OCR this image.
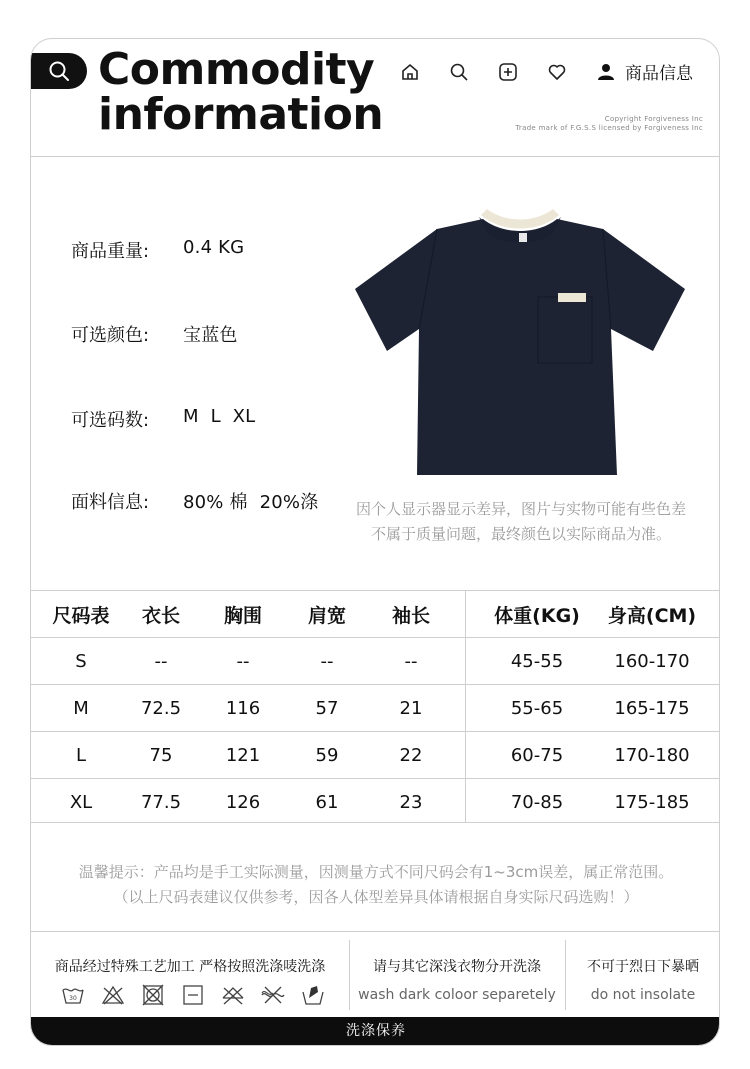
Commodity
information
商品信息
Copyright Forgiveness Inc
Trade mark of F.G.S.S licensed by Forgiveness Inc
商品重量:	0.4 KG
可选颜色:	宝蓝色
可选码数:	M  L  XL
面料信息:	80% 棉  20%涤	因个人显示器显示差异，图片与实物可能有些色差
不属于质量问题，最终颜色以实际商品为准。
尺码表	衣长	胸围	肩宽	袖长	体重(KG)	身高(CM)
S	--	--	--	--	45-55	160-170
M	72.5	116	57	21	55-65	165-175
L	75	121	59	22	60-75	170-180
XL	77.5	126	61	23	70-85	175-185
温馨提示：产品均是手工实际测量，因测量方式不同尺码会有1~3cm误差，属正常范围。
（以上尺码表建议仅供参考，因各人体型差异具体请根据自身实际尺码选购！）
商品经过特殊工艺加工 严格按照洗涤唛洗涤
30
请与其它深浅衣物分开洗涤
wash dark coloor separetely
不可于烈日下暴晒
do not insolate
洗涤保养
